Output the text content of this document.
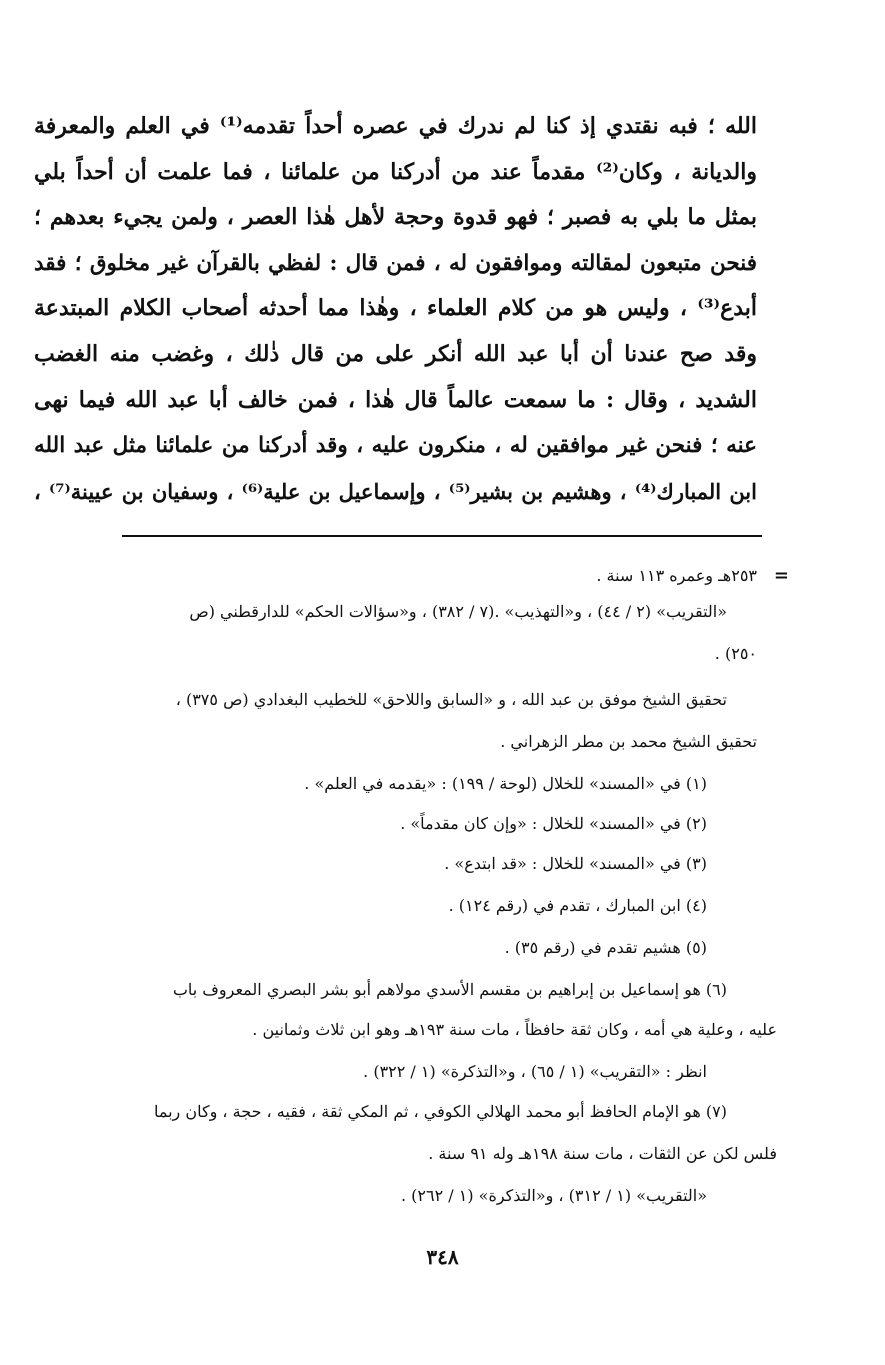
الله ؛ فبه نقتدي إذ كنا لم ندرك في عصره أحداً تقدمه⁽¹⁾ في العلم والمعرفة
والديانة ، وكان⁽²⁾ مقدماً عند من أدركنا من علمائنا ، فما علمت أن أحداً بلي
بمثل ما بلي به فصبر ؛ فهو قدوة وحجة لأهل هٰذا العصر ، ولمن يجيء بعدهم ؛
فنحن متبعون لمقالته وموافقون له ، فمن قال : لفظي بالقرآن غير مخلوق ؛ فقد
أبدع⁽³⁾ ، وليس هو من كلام العلماء ، وهٰذا مما أحدثه أصحاب الكلام المبتدعة
وقد صح عندنا أن أبا عبد الله أنكر على من قال ذٰلك ، وغضب منه الغضب
الشديد ، وقال : ما سمعت عالماً قال هٰذا ، فمن خالف أبا عبد الله فيما نهى
عنه ؛ فنحن غير موافقين له ، منكرون عليه ، وقد أدركنا من علمائنا مثل عبد الله
ابن المبارك⁽⁴⁾ ، وهشيم بن بشير⁽⁵⁾ ، وإسماعيل بن علية⁽⁶⁾ ، وسفيان بن عيينة⁽⁷⁾ ،
=
٢٥٣هـ وعمره ١١٣ سنة .
«التقريب» (٢ / ٤٤) ، و«التهذيب» .(٧ / ٣٨٢) ، و«سؤالات الحكم» للدارقطني (ص
٢٥٠) .
تحقيق الشيخ موفق بن عبد الله ، و «السابق واللاحق» للخطيب البغدادي (ص ٣٧٥) ،
تحقيق الشيخ محمد بن مطر الزهراني .
(١) في «المسند» للخلال (لوحة / ١٩٩) : «يقدمه في العلم» .
(٢) في «المسند» للخلال : «وإن كان مقدماً» .
(٣) في «المسند» للخلال : «قد ابتدع» .
(٤) ابن المبارك ، تقدم في (رقم ١٢٤) .
(٥) هشيم تقدم في (رقم ٣٥) .
(٦) هو إسماعيل بن إبراهيم بن مقسم الأسدي مولاهم أبو بشر البصري المعروف باب
عليه ، وعلية هي أمه ، وكان ثقة حافظاً ، مات سنة ١٩٣هـ وهو ابن ثلاث وثمانين .
انظر : «التقريب» (١ / ٦٥) ، و«التذكرة» (١ / ٣٢٢) .
(٧) هو الإمام الحافظ أبو محمد الهلالي الكوفي ، ثم المكي ثقة ، فقيه ، حجة ، وكان ربما
فلس لكن عن الثقات ، مات سنة ١٩٨هـ وله ٩١ سنة .
«التقريب» (١ / ٣١٢) ، و«التذكرة» (١ / ٢٦٢) .
٣٤٨
